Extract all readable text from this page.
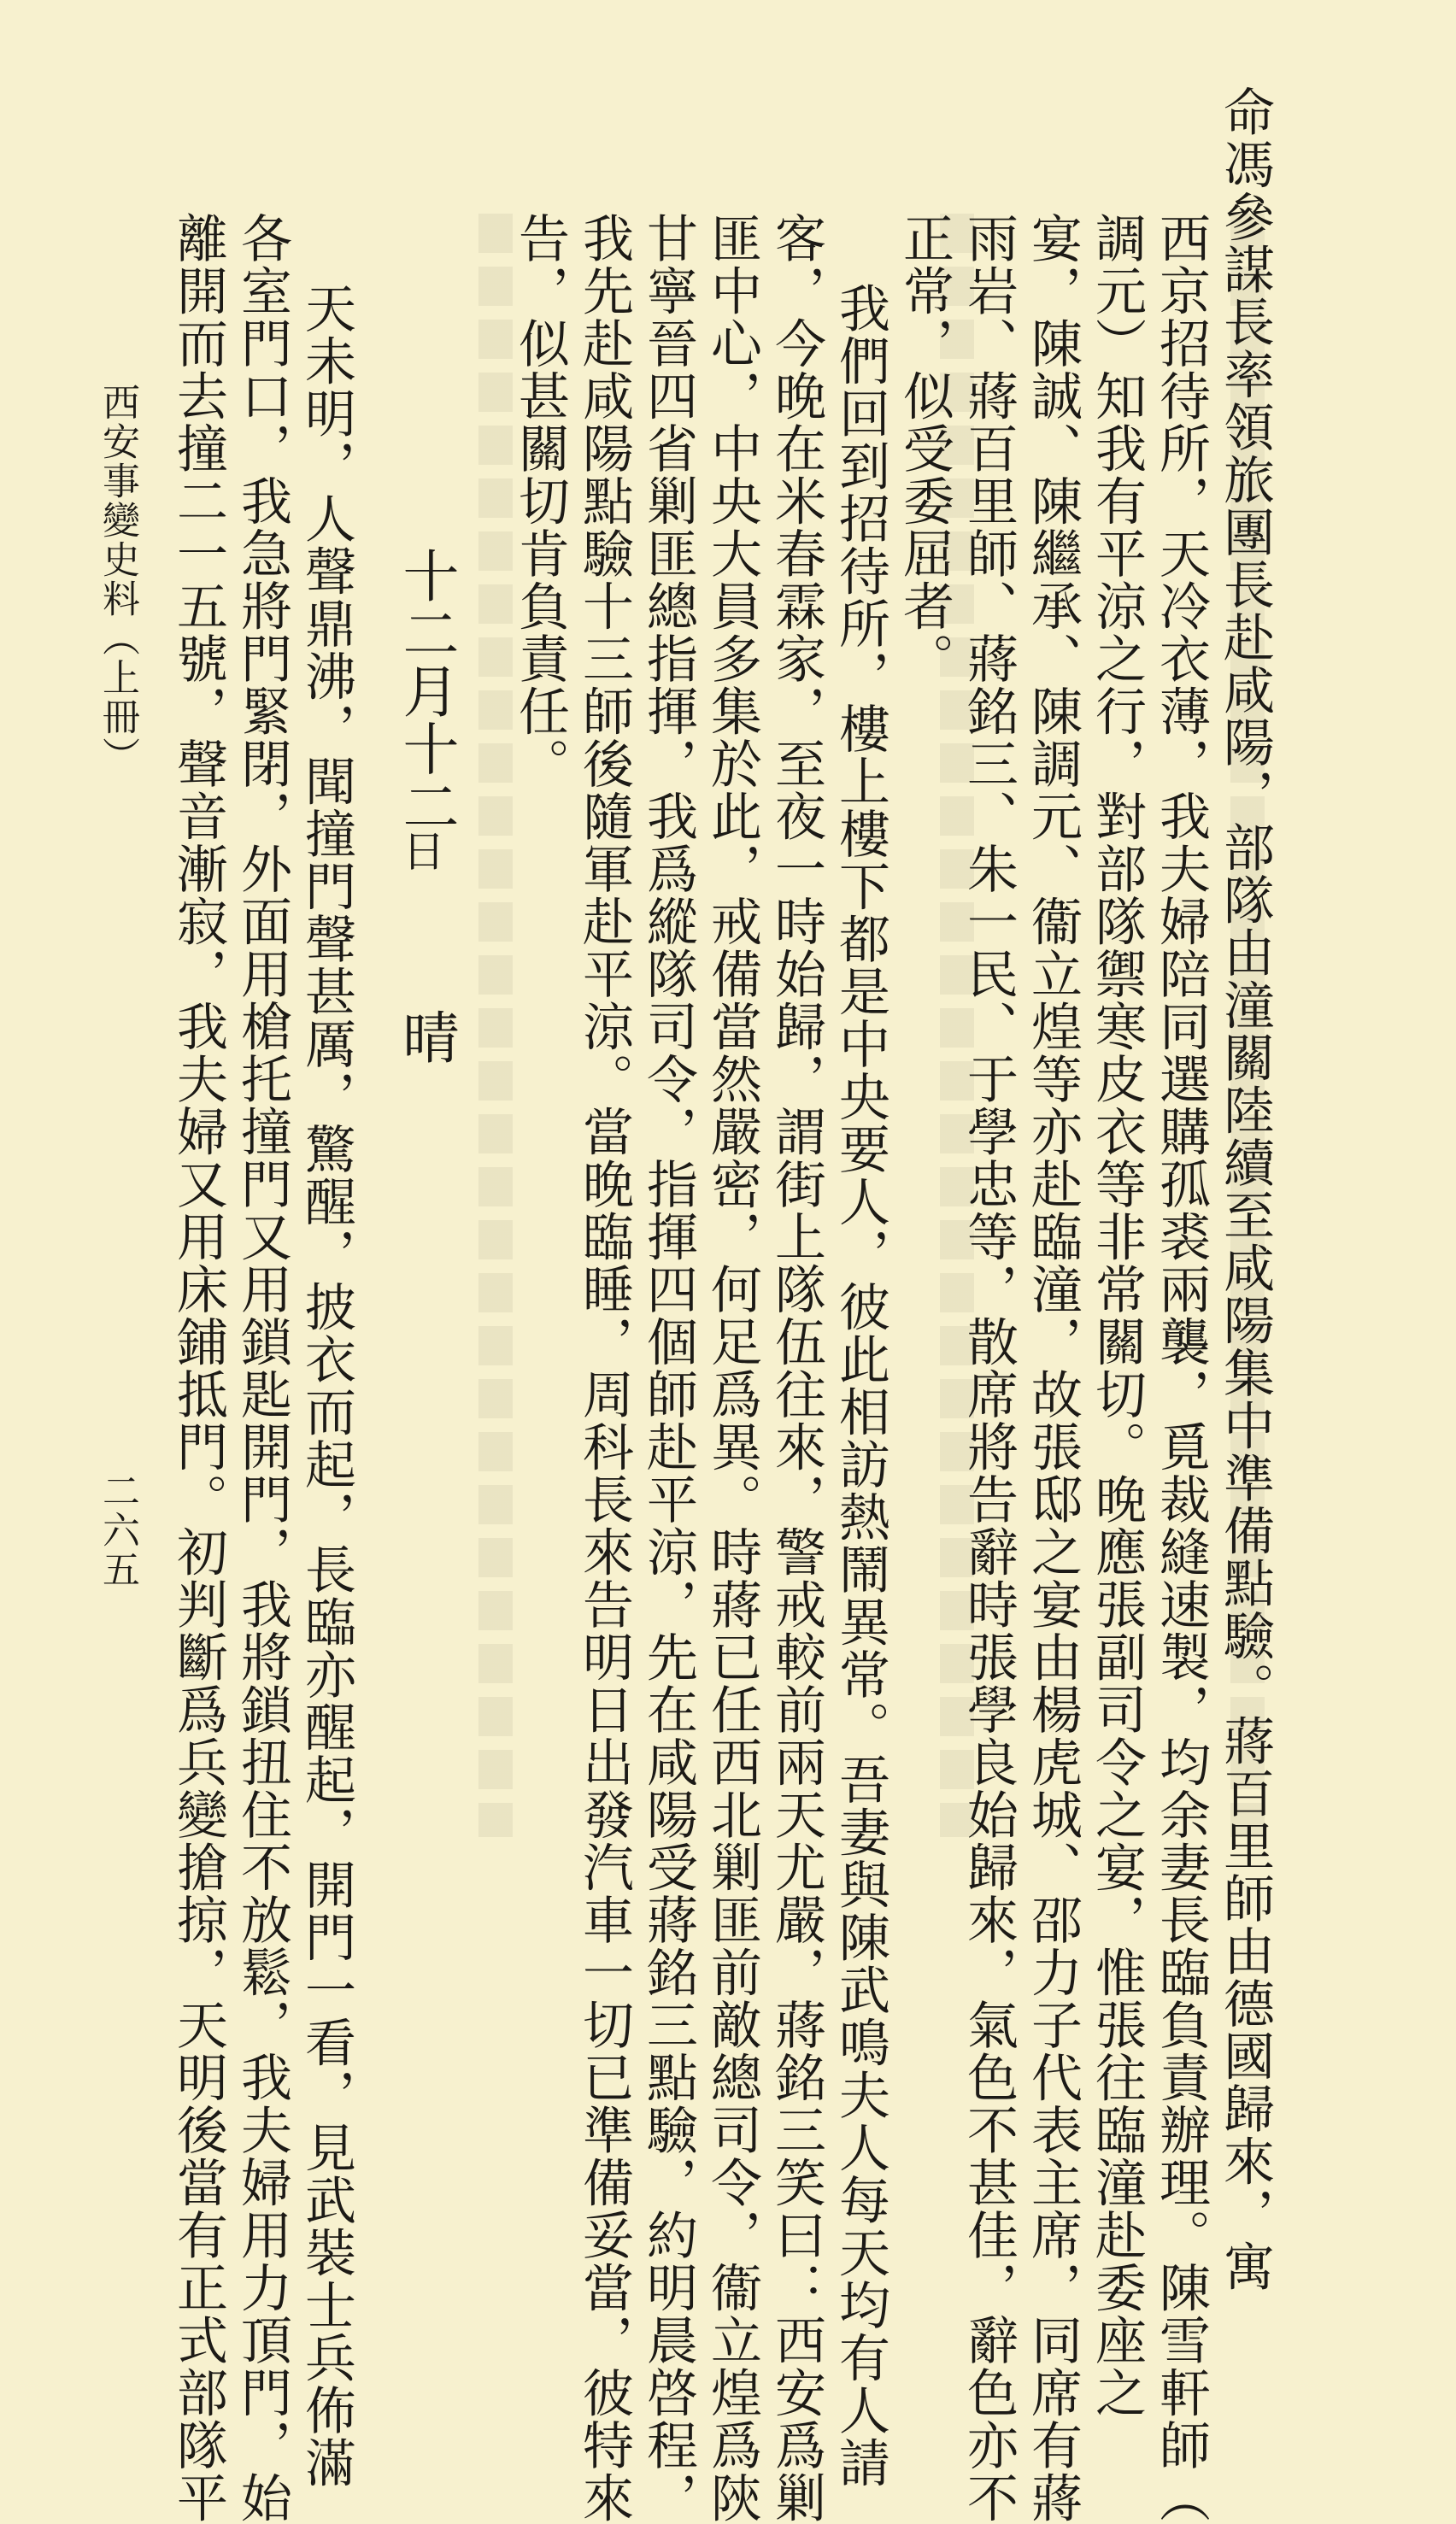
命馮參謀長率領旅團長赴咸陽，部隊由潼關陸續至咸陽集中準備點驗。蔣百里師由德國歸來，寓
西京招待所，天冷衣薄，我夫婦陪同選購孤裘兩襲，覓裁縫速製，均余妻長臨負責辦理。陳雪軒師（
調元）知我有平涼之行，對部隊禦寒皮衣等非常關切。晚應張副司令之宴，惟張往臨潼赴委座之
宴，陳誠、陳繼承、陳調元、衞立煌等亦赴臨潼，故張邸之宴由楊虎城、邵力子代表主席，同席有蔣
雨岩、蔣百里師、蔣銘三、朱一民、于學忠等，散席將告辭時張學良始歸來，氣色不甚佳，辭色亦不
正常，似受委屈者。
我們回到招待所，樓上樓下都是中央要人，彼此相訪熱鬧異常。吾妻與陳武鳴夫人每天均有人請
客，今晚在米春霖家，至夜一時始歸，謂街上隊伍往來，警戒較前兩天尤嚴，蔣銘三笑曰：西安爲剿
匪中心，中央大員多集於此，戒備當然嚴密，何足爲異。時蔣已任西北剿匪前敵總司令，衞立煌爲陝
甘寧晉四省剿匪總指揮，我爲縱隊司令，指揮四個師赴平涼，先在咸陽受蔣銘三點驗，約明晨啓程，
我先赴咸陽點驗十三師後隨軍赴平涼。當晚臨睡，周科長來告明日出發汽車一切已準備妥當，彼特來
告，似甚關切肯負責任。
十二月十二
日
晴
天未明，人聲鼎沸，聞撞門聲甚厲，驚醒，披衣而起，長臨亦醒起，開門一看，見武裝士兵佈滿
各室門口，我急將門緊閉，外面用槍托撞門又用鎖匙開門，我將鎖扭住不放鬆，我夫婦用力頂門，始
離開而去撞二一五號，聲音漸寂，我夫婦又用床鋪抵門。初判斷爲兵變搶掠，天明後當有正式部隊平
西安事變史料（上冊）
二六五
